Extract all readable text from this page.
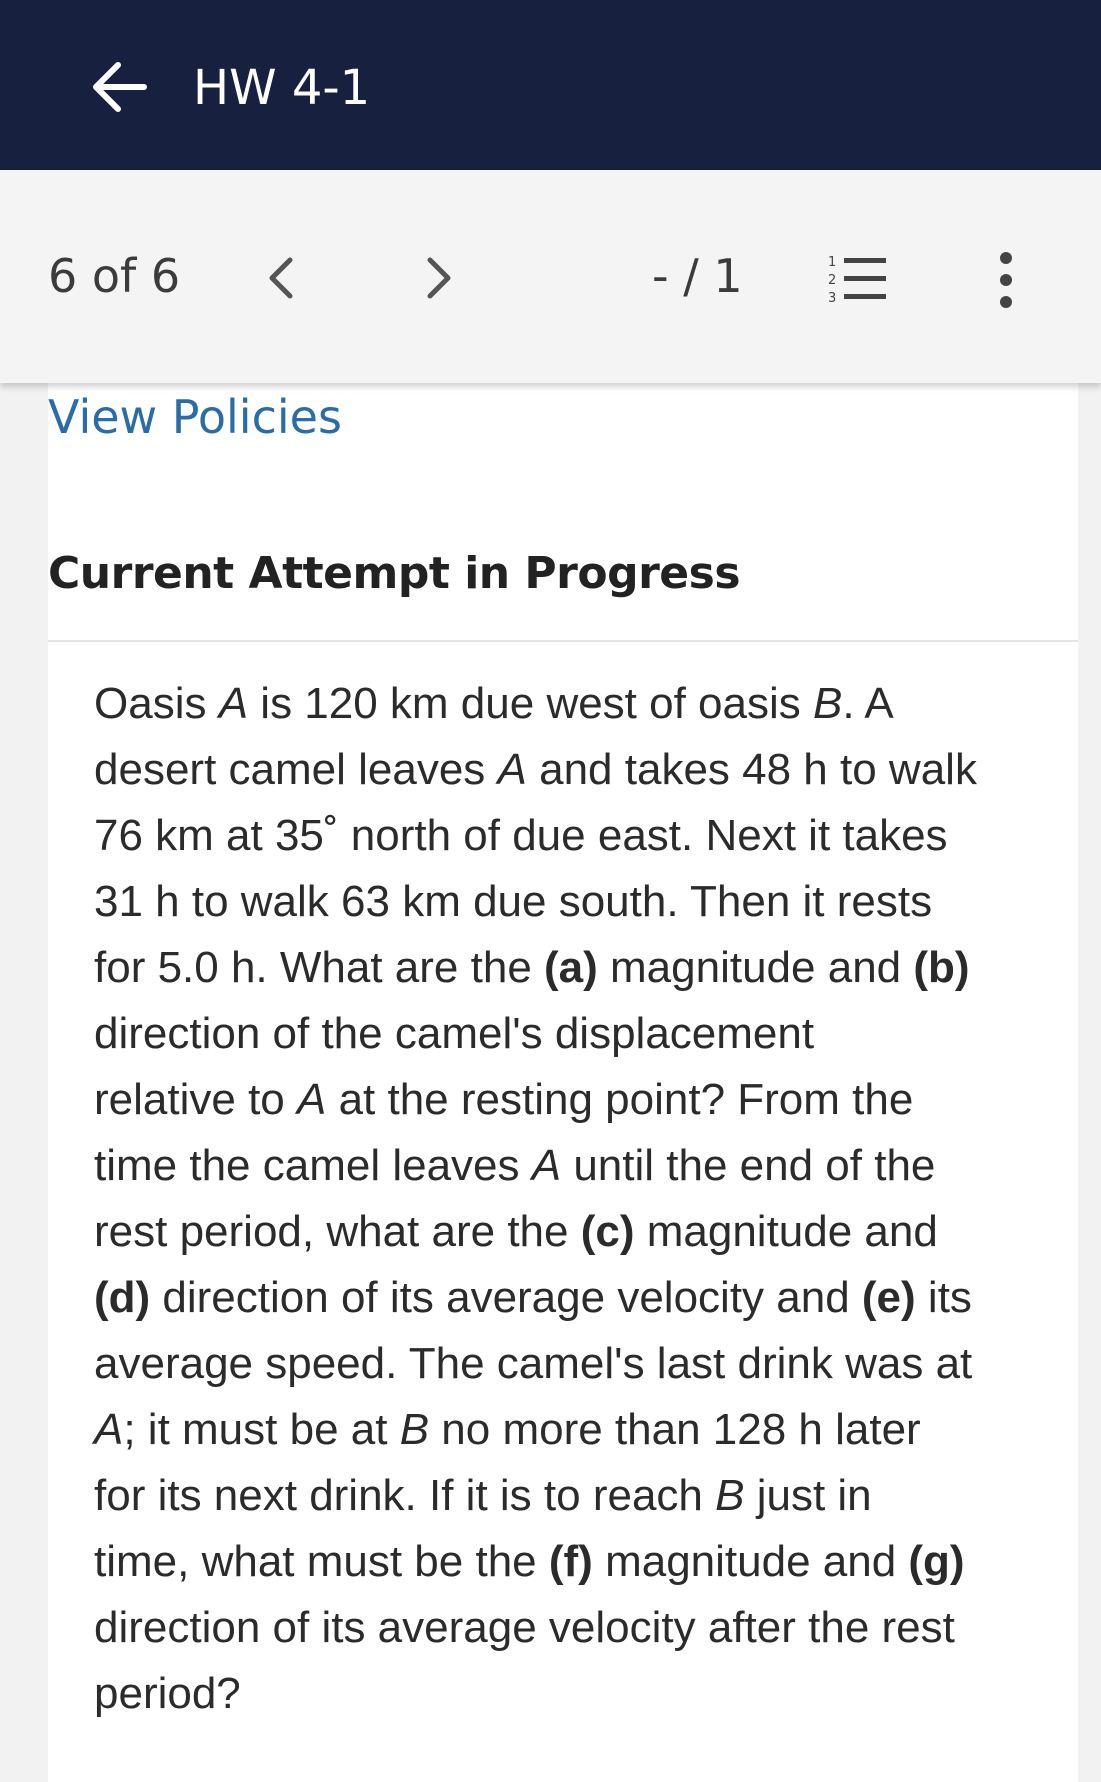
HW 4-1
6 of 6	- / 1	1
2
3
View Policies
Current Attempt in Progress
Oasis A is 120 km due west of oasis B. A
desert camel leaves A and takes 48 h to walk
76 km at 35˚ north of due east. Next it takes
31 h to walk 63 km due south. Then it rests
for 5.0 h. What are the (a) magnitude and (b)
direction of the camel's displacement
relative to A at the resting point? From the
time the camel leaves A until the end of the
rest period, what are the (c) magnitude and
(d) direction of its average velocity and (e) its
average speed. The camel's last drink was at
A; it must be at B no more than 128 h later
for its next drink. If it is to reach B just in
time, what must be the (f) magnitude and (g)
direction of its average velocity after the rest
period?
